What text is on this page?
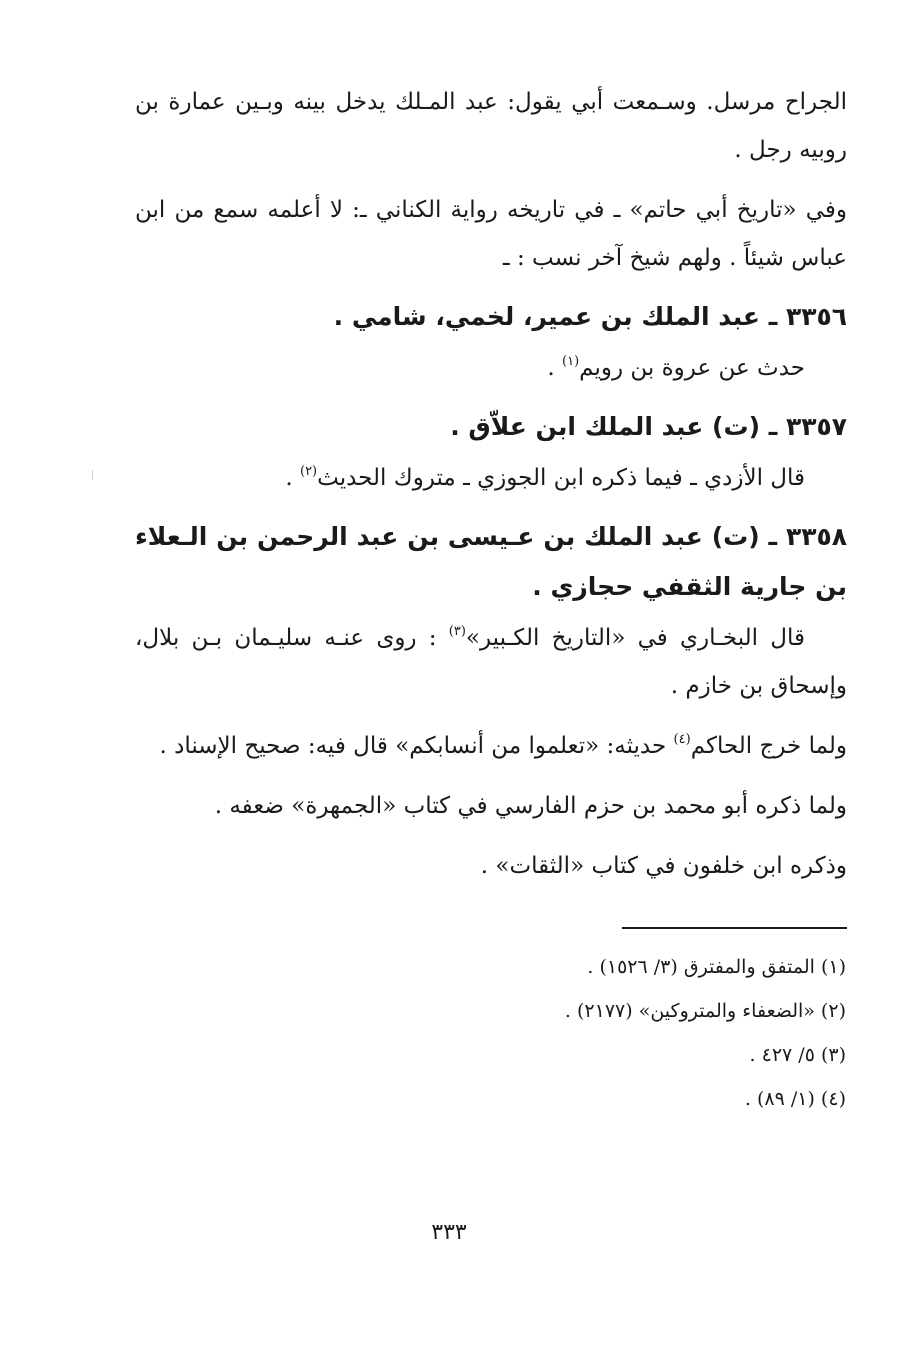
الجراح مرسل. وسـمعت أبي يقول: عبد المـلك يدخل بينه وبـين عمارة بن روبيه رجل .

وفي «تاريخ أبي حاتم» ـ في تاريخه رواية الكناني ـ: لا أعلمه سمع من ابن عباس شيئاً . ولهم شيخ آخر نسب : ـ

٣٣٥٦ ـ عبد الملك بن عمير، لخمي، شامي .

حدث عن عروة بن رويم$^{(١)}$ .

٣٣٥٧ ـ (ت) عبد الملك ابن علاّق .

قال الأزدي ـ فيما ذكره ابن الجوزي ـ متروك الحديث$^{(٢)}$ .

٣٣٥٨ ـ (ت) عبد الملك بن عـيسى بن عبد الرحمن بن الـعلاء بن جارية الثقفي حجازي .

قال البخـاري في «التاريخ الكـبير»$^{(٣)}$ : روى عنـه سليـمان بـن بلال، وإسحاق بن خازم .

ولما خرج الحاكم$^{(٤)}$ حديثه: «تعلموا من أنسابكم» قال فيه: صحيح الإسناد .

ولما ذكره أبو محمد بن حزم الفارسي في كتاب «الجمهرة» ضعفه .

وذكره ابن خلفون في كتاب «الثقات» .

(١) المتفق والمفترق (٣/ ١٥٢٦) .

(٢) «الضعفاء والمتروكين» (٢١٧٧) .

(٣) ٥/ ٤٢٧ .

(٤) (١/ ٨٩) .

٣٣٣
